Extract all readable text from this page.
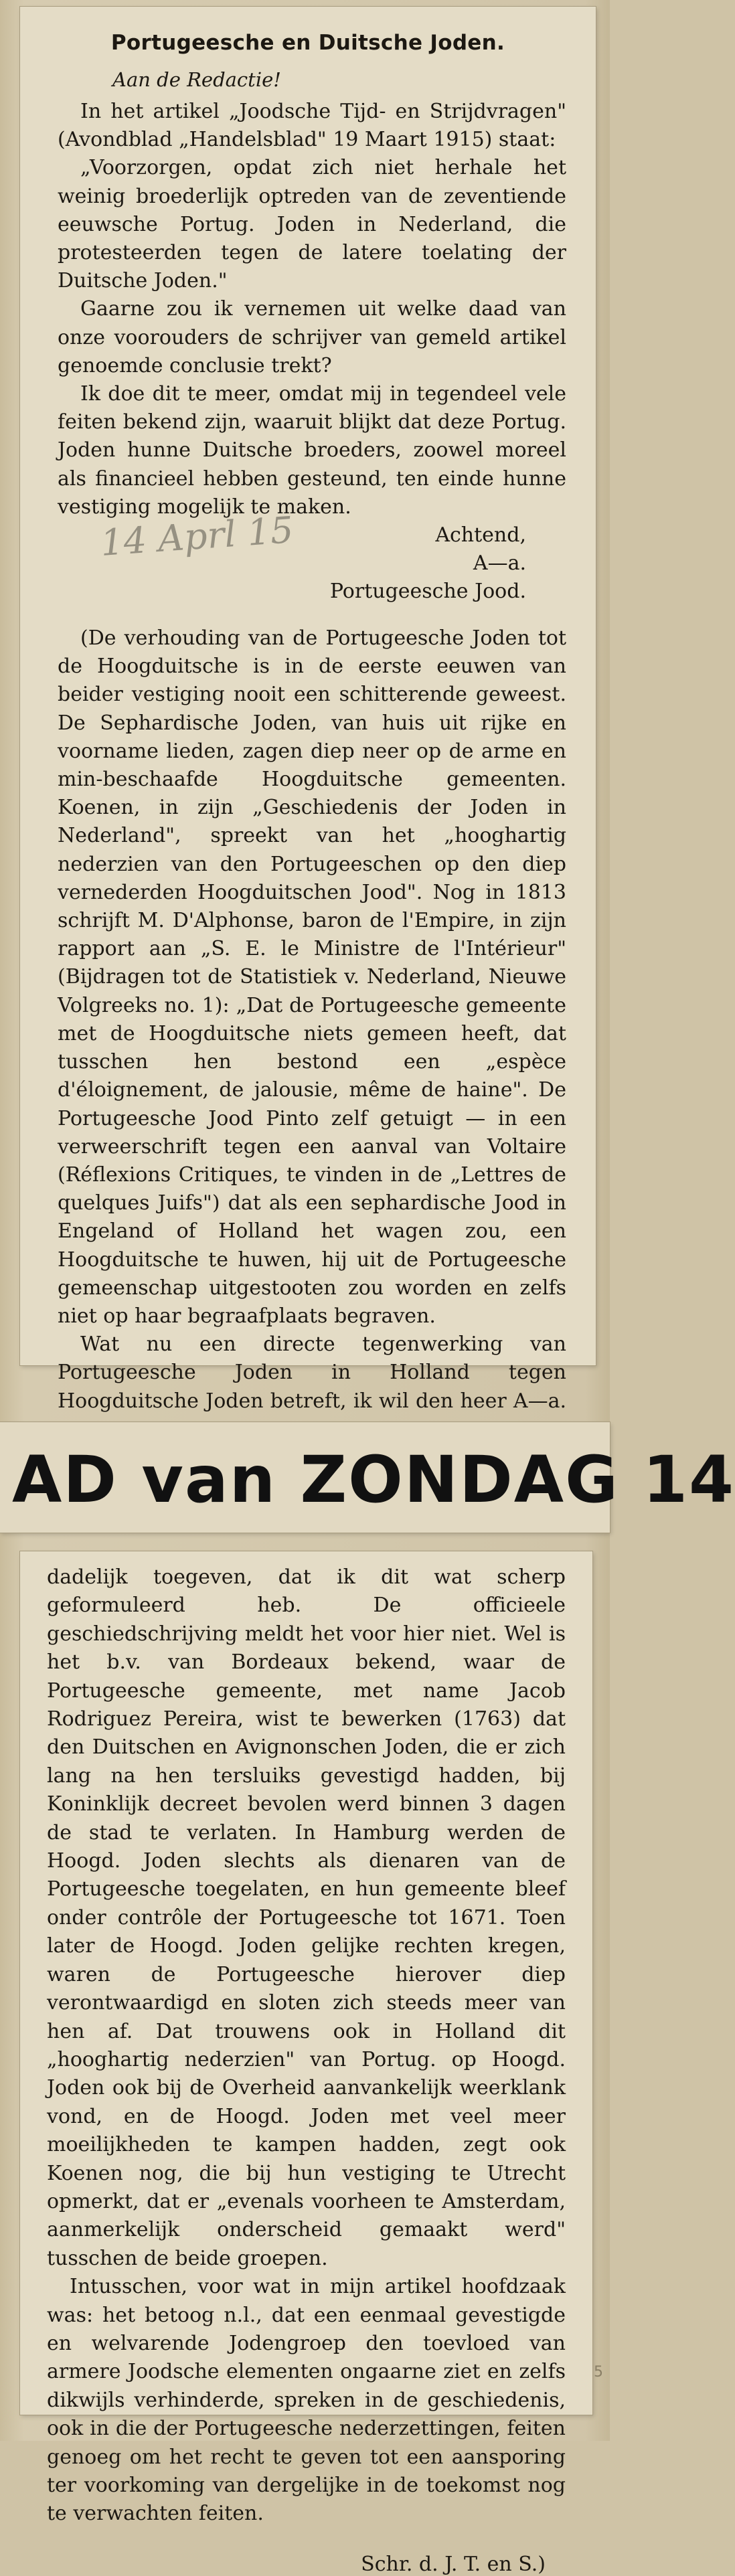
Portugeesche en Duitsche Joden.
Aan de Redactie!

In het artikel „Joodsche Tijd- en Strijdvragen" (Avondblad „Handelsblad" 19 Maart 1915) staat:

„Voorzorgen, opdat zich niet herhale het weinig broederlijk optreden van de zeventiende eeuwsche Portug. Joden in Nederland, die protesteerden tegen de latere toelating der Duitsche Joden."

Gaarne zou ik vernemen uit welke daad van onze voorouders de schrijver van gemeld artikel genoemde conclusie trekt?

Ik doe dit te meer, omdat mij in tegendeel vele feiten bekend zijn, waaruit blijkt dat deze Portug. Joden hunne Duitsche broeders, zoowel moreel als financieel hebben gesteund, ten einde hunne vestiging mogelijk te maken.

Achtend,
A—a.
Portugeesche Jood.

(De verhouding van de Portugeesche Joden tot de Hoogduitsche is in de eerste eeuwen van beider vestiging nooit een schitterende geweest. De Sephardische Joden, van huis uit rijke en voorname lieden, zagen diep neer op de arme en min-beschaafde Hoogduitsche gemeenten. Koenen, in zijn „Geschiedenis der Joden in Nederland", spreekt van het „hooghartig nederzien van den Portugeeschen op den diep vernederden Hoogduitschen Jood". Nog in 1813 schrijft M. D'Alphonse, baron de l'Empire, in zijn rapport aan „S. E. le Ministre de l'Intérieur" (Bijdragen tot de Statistiek v. Nederland, Nieuwe Volgreeks no. 1): „Dat de Portugeesche gemeente met de Hoogduitsche niets gemeen heeft, dat tusschen hen bestond een „espèce d'éloignement, de jalousie, même de haine". De Portugeesche Jood Pinto zelf getuigt — in een verweerschrift tegen een aanval van Voltaire (Réflexions Critiques, te vinden in de „Lettres de quelques Juifs") dat als een sephardische Jood in Engeland of Holland het wagen zou, een Hoogduitsche te huwen, hij uit de Portugeesche gemeenschap uitgestooten zou worden en zelfs niet op haar begraafplaats begraven.

Wat nu een directe tegenwerking van Portugeesche Joden in Holland tegen Hoogduitsche Joden betreft, ik wil den heer A—a.

14 Aprl 15
AD van ZONDAG 14

dadelijk toegeven, dat ik dit wat scherp geformuleerd heb. De officieele geschiedschrijving meldt het voor hier niet. Wel is het b.v. van Bordeaux bekend, waar de Portugeesche gemeente, met name Jacob Rodriguez Pereira, wist te bewerken (1763) dat den Duitschen en Avignonschen Joden, die er zich lang na hen tersluiks gevestigd hadden, bij Koninklijk decreet bevolen werd binnen 3 dagen de stad te verlaten. In Hamburg werden de Hoogd. Joden slechts als dienaren van de Portugeesche toegelaten, en hun gemeente bleef onder contrôle der Portugeesche tot 1671. Toen later de Hoogd. Joden gelijke rechten kregen, waren de Portugeesche hierover diep verontwaardigd en sloten zich steeds meer van hen af. Dat trouwens ook in Holland dit „hooghartig nederzien" van Portug. op Hoogd. Joden ook bij de Overheid aanvankelijk weerklank vond, en de Hoogd. Joden met veel meer moeilijkheden te kampen hadden, zegt ook Koenen nog, die bij hun vestiging te Utrecht opmerkt, dat er „evenals voorheen te Amsterdam, aanmerkelijk onderscheid gemaakt werd" tusschen de beide groepen.

Intusschen, voor wat in mijn artikel hoofdzaak was: het betoog n.l., dat een eenmaal gevestigde en welvarende Jodengroep den toevloed van armere Joodsche elementen ongaarne ziet en zelfs dikwijls verhinderde, spreken in de geschiedenis, ook in die der Portugeesche nederzettingen, feiten genoeg om het recht te geven tot een aansporing ter voorkoming van dergelijke in de toekomst nog te verwachten feiten.

Schr. d. J. T. en S.)
5
